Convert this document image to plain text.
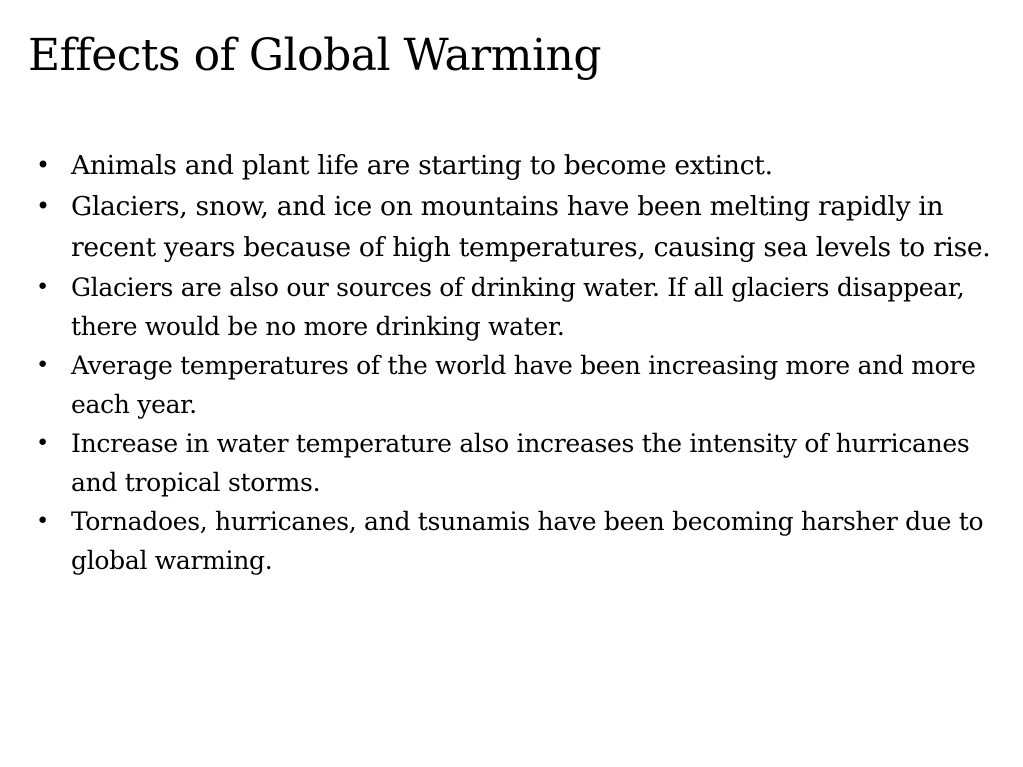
Effects of Global Warming
• Animals and plant life are starting to become extinct.
• Glaciers, snow, and ice on mountains have been melting rapidly in recent years because of high temperatures, causing sea levels to rise.
• Glaciers are also our sources of drinking water. If all glaciers disappear, there would be no more drinking water.
• Average temperatures of the world have been increasing more and more each year.
• Increase in water temperature also increases the intensity of hurricanes and tropical storms.
• Tornadoes, hurricanes, and tsunamis have been becoming harsher due to global warming.
